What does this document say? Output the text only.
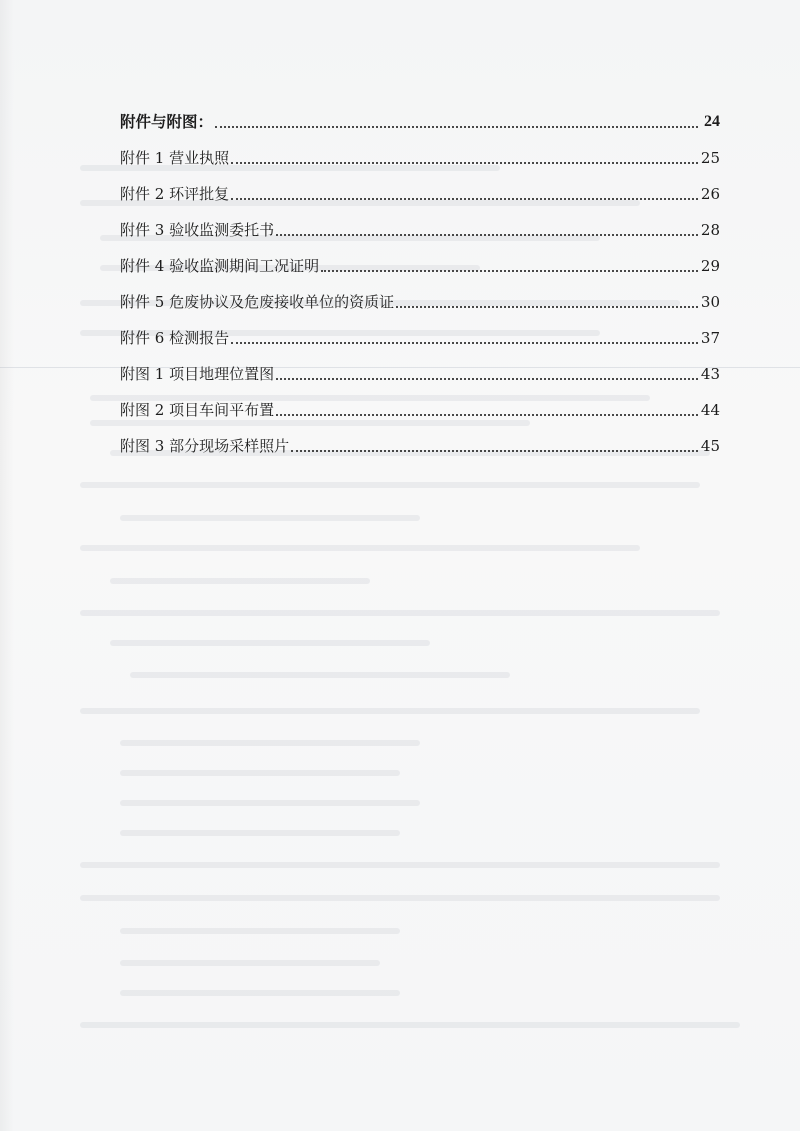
附件与附图：	24
附件 1 营业执照	25
附件 2 环评批复	26
附件 3 验收监测委托书	28
附件 4 验收监测期间工况证明	29
附件 5 危废协议及危废接收单位的资质证	30
附件 6 检测报告	37
附图 1 项目地理位置图	43
附图 2 项目车间平布置	44
附图 3 部分现场采样照片	45
